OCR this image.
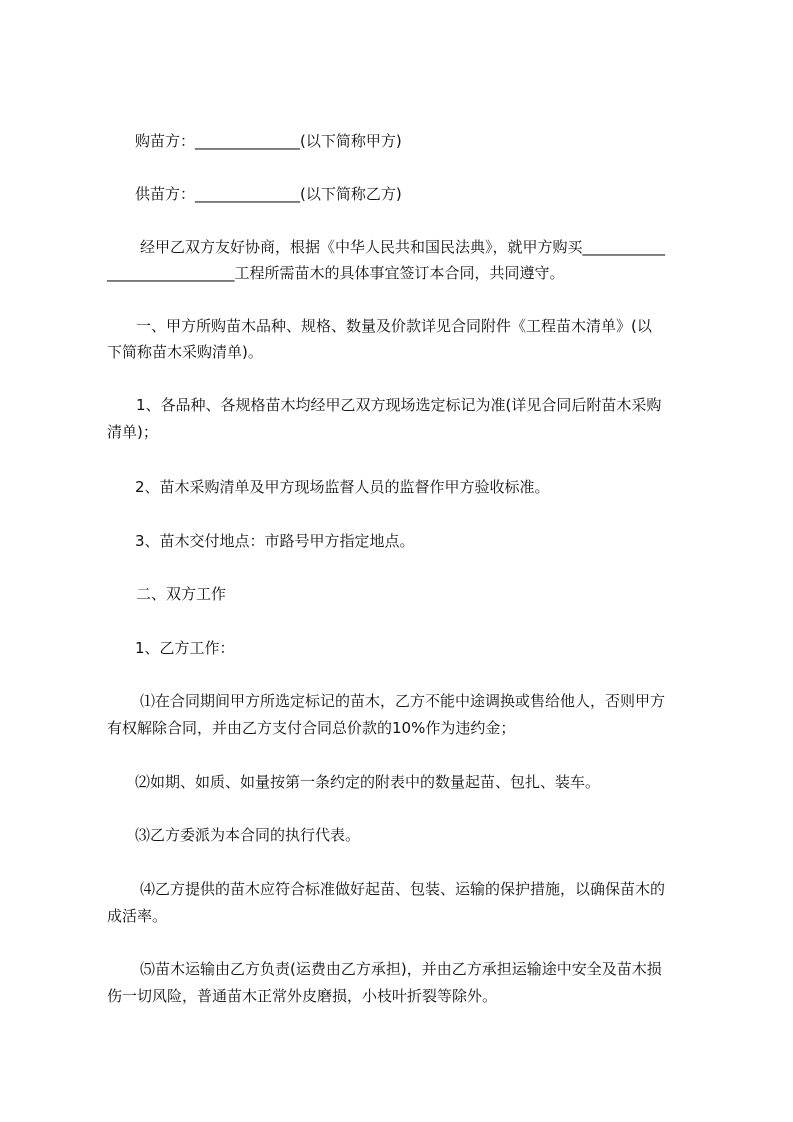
购苗方：______________(以下简称甲方)
供苗方：______________(以下简称乙方)
经甲乙双方友好协商，根据《中华人民共和国民法典》，就甲方购买___________
_________________工程所需苗木的具体事宜签订本合同，共同遵守。
一、甲方所购苗木品种、规格、数量及价款详见合同附件《工程苗木清单》(以
下简称苗木采购清单)。
1、各品种、各规格苗木均经甲乙双方现场选定标记为准(详见合同后附苗木采购
清单)；
2、苗木采购清单及甲方现场监督人员的监督作甲方验收标准。
3、苗木交付地点：市路号甲方指定地点。
二、双方工作
1、乙方工作：
⑴在合同期间甲方所选定标记的苗木，乙方不能中途调换或售给他人，否则甲方
有权解除合同，并由乙方支付合同总价款的10%作为违约金；
⑵如期、如质、如量按第一条约定的附表中的数量起苗、包扎、装车。
⑶乙方委派为本合同的执行代表。
⑷乙方提供的苗木应符合标准做好起苗、包装、运输的保护措施，以确保苗木的
成活率。
⑸苗木运输由乙方负责(运费由乙方承担)，并由乙方承担运输途中安全及苗木损
伤一切风险，普通苗木正常外皮磨损，小枝叶折裂等除外。
